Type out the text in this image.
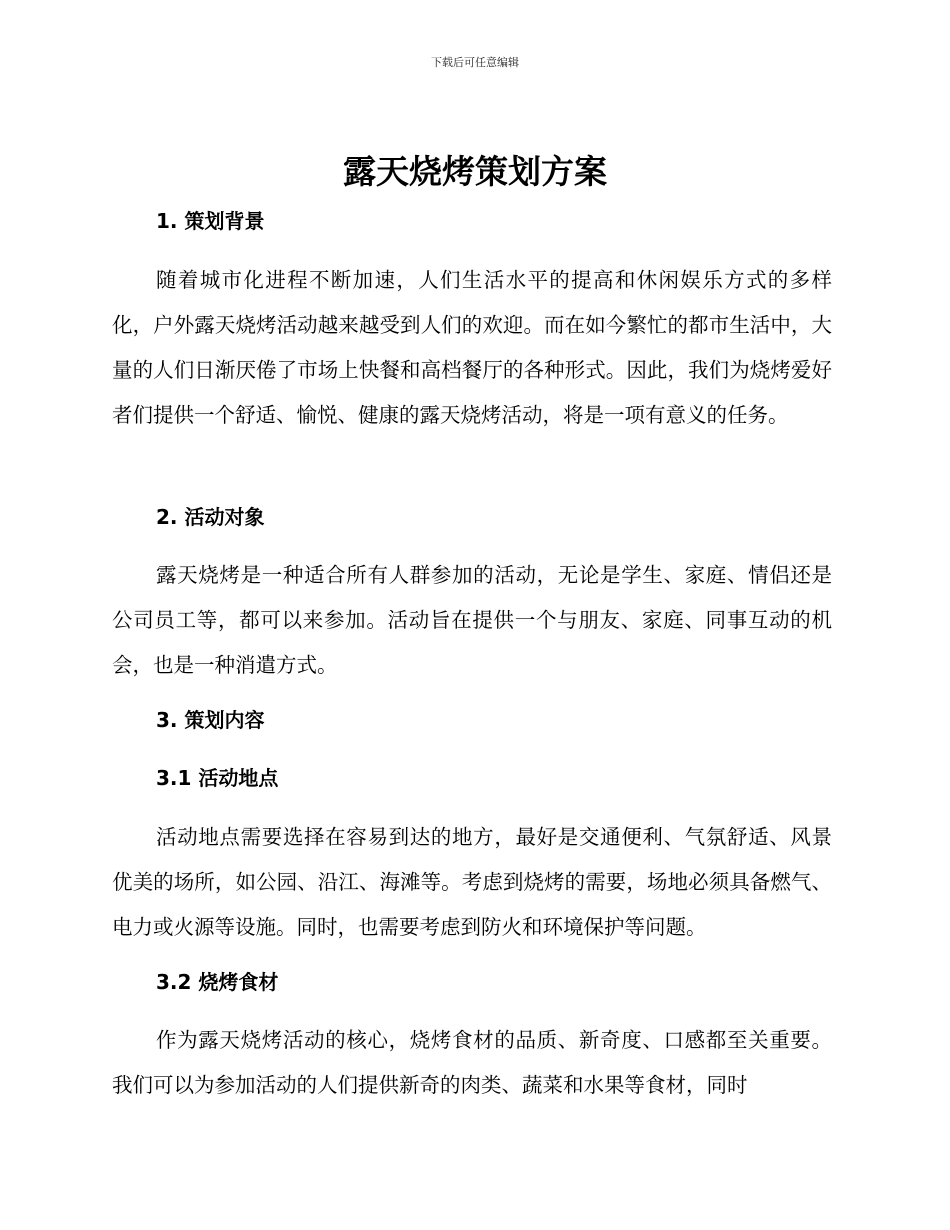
下载后可任意编辑
露天烧烤策划方案
1. 策划背景

随着城市化进程不断加速，人们生活水平的提高和休闲娱乐方式的多样化，户外露天烧烤活动越来越受到人们的欢迎。而在如今繁忙的都市生活中，大量的人们日渐厌倦了市场上快餐和高档餐厅的各种形式。因此，我们为烧烤爱好者们提供一个舒适、愉悦、健康的露天烧烤活动，将是一项有意义的任务。

2. 活动对象

露天烧烤是一种适合所有人群参加的活动，无论是学生、家庭、情侣还是公司员工等，都可以来参加。活动旨在提供一个与朋友、家庭、同事互动的机会，也是一种消遣方式。

3. 策划内容
3.1 活动地点

活动地点需要选择在容易到达的地方，最好是交通便利、气氛舒适、风景优美的场所，如公园、沿江、海滩等。考虑到烧烤的需要，场地必须具备燃气、电力或火源等设施。同时，也需要考虑到防火和环境保护等问题。

3.2 烧烤食材

作为露天烧烤活动的核心，烧烤食材的品质、新奇度、口感都至关重要。我们可以为参加活动的人们提供新奇的肉类、蔬菜和水果等食材，同时
